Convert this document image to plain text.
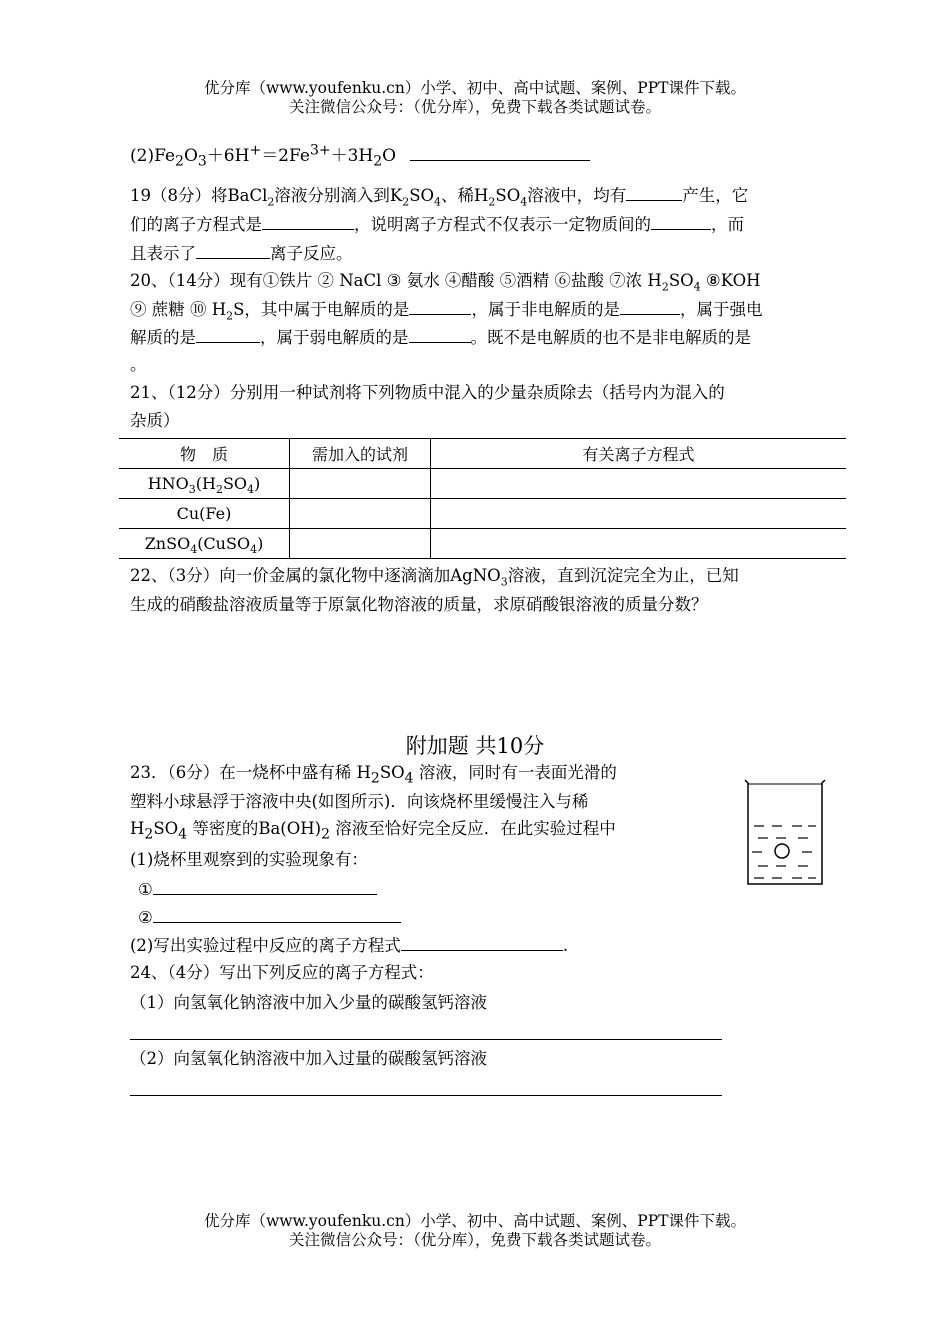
优分库（www.youfenku.cn）小学、初中、高中试题、案例、PPT课件下载。
关注微信公众号：（优分库），免费下载各类试题试卷。
$(2)Fe_2O_3+6H^+=2Fe^{3+}+3H_2O$
19（8分）将BaCl$_2$溶液分别滴入到$K_2SO_4$、稀$H_2SO_4$溶液中，均有	产生，它
们的离子方程式是	，说明离子方程式不仅表示一定物质间的	，而
且表示了	离子反应。
20、（14分）现有①铁片 ② NaCl ③ 氨水 ④醋酸 ⑤酒精 ⑥盐酸 ⑦浓 $H_2SO_4$ ⑧KOH
⑨ 蔗糖 ⑩ $H_2S$，其中属于电解质的是	，属于非电解质的是	，属于强电
解质的是	，属于弱电解质的是	。既不是电解质的也不是非电解质的是
。
21、（12分）分别用一种试剂将下列物质中混入的少量杂质除去（括号内为混入的
杂质）
物　质	需加入的试剂	有关离子方程式
$HNO_3(H_2SO_4)$		
Cu(Fe)		
ZnSO$_4$(CuSO$_4$)		
22、（3分）向一价金属的氯化物中逐滴滴加AgNO$_3$溶液，直到沉淀完全为止，已知
生成的硝酸盐溶液质量等于原氯化物溶液的质量，求原硝酸银溶液的质量分数？
附加题 共10分
23．（6分）在一烧杯中盛有稀 $H_2SO_4$ 溶液，同时有一表面光滑的
塑料小球悬浮于溶液中央(如图所示)．向该烧杯里缓慢注入与稀
$H_2SO_4$ 等密度的$Ba(OH)_2$ 溶液至恰好完全反应．在此实验过程中
(1)烧杯里观察到的实验现象有：
①
②
(2)写出实验过程中反应的离子方程式	.
24、（4分）写出下列反应的离子方程式：
（1）向氢氧化钠溶液中加入少量的碳酸氢钙溶液
（2）向氢氧化钠溶液中加入过量的碳酸氢钙溶液
优分库（www.youfenku.cn）小学、初中、高中试题、案例、PPT课件下载。
关注微信公众号：（优分库），免费下载各类试题试卷。
